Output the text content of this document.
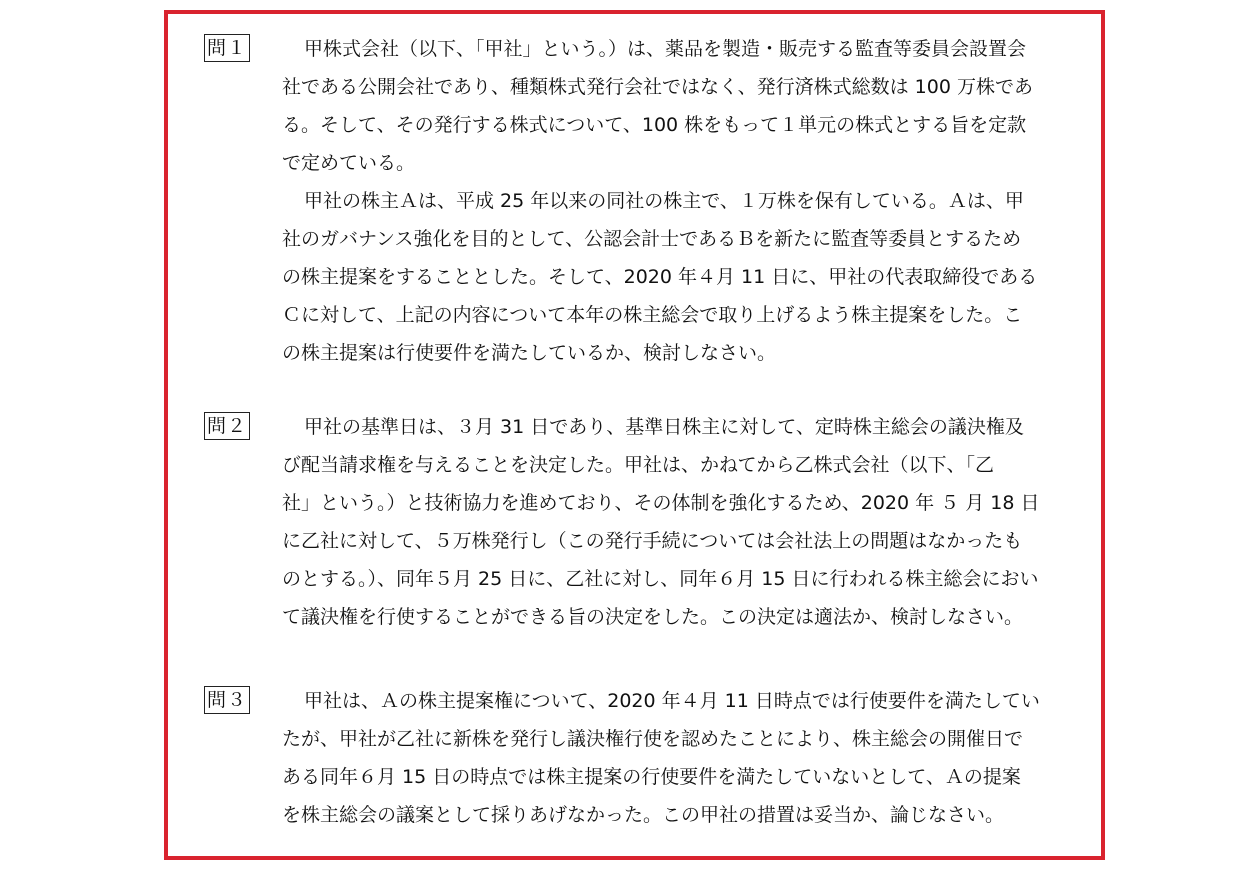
問１	甲株式会社（以下、「甲社」という。）は、薬品を製造・販売する監査等委員会設置会
社である公開会社であり、種類株式発行会社ではなく、発行済株式総数は 100 万株であ
る。そして、その発行する株式について、100 株をもって１単元の株式とする旨を定款
で定めている。
甲社の株主Ａは、平成 25 年以来の同社の株主で、１万株を保有している。Ａは、甲
社のガバナンス強化を目的として、公認会計士であるＢを新たに監査等委員とするため
の株主提案をすることとした。そして、2020 年４月 11 日に、甲社の代表取締役である
Ｃに対して、上記の内容について本年の株主総会で取り上げるよう株主提案をした。こ
の株主提案は行使要件を満たしているか、検討しなさい。
問２	甲社の基準日は、３月 31 日であり、基準日株主に対して、定時株主総会の議決権及
び配当請求権を与えることを決定した。甲社は、かねてから乙株式会社（以下、「乙
社」という。）と技術協力を進めており、その体制を強化するため、2020 年 ５ 月 18 日
に乙社に対して、５万株発行し（この発行手続については会社法上の問題はなかったも
のとする。）、同年５月 25 日に、乙社に対し、同年６月 15 日に行われる株主総会におい
て議決権を行使することができる旨の決定をした。この決定は適法か、検討しなさい。
問３	甲社は、Ａの株主提案権について、2020 年４月 11 日時点では行使要件を満たしてい
たが、甲社が乙社に新株を発行し議決権行使を認めたことにより、株主総会の開催日で
ある同年６月 15 日の時点では株主提案の行使要件を満たしていないとして、Ａの提案
を株主総会の議案として採りあげなかった。この甲社の措置は妥当か、論じなさい。
